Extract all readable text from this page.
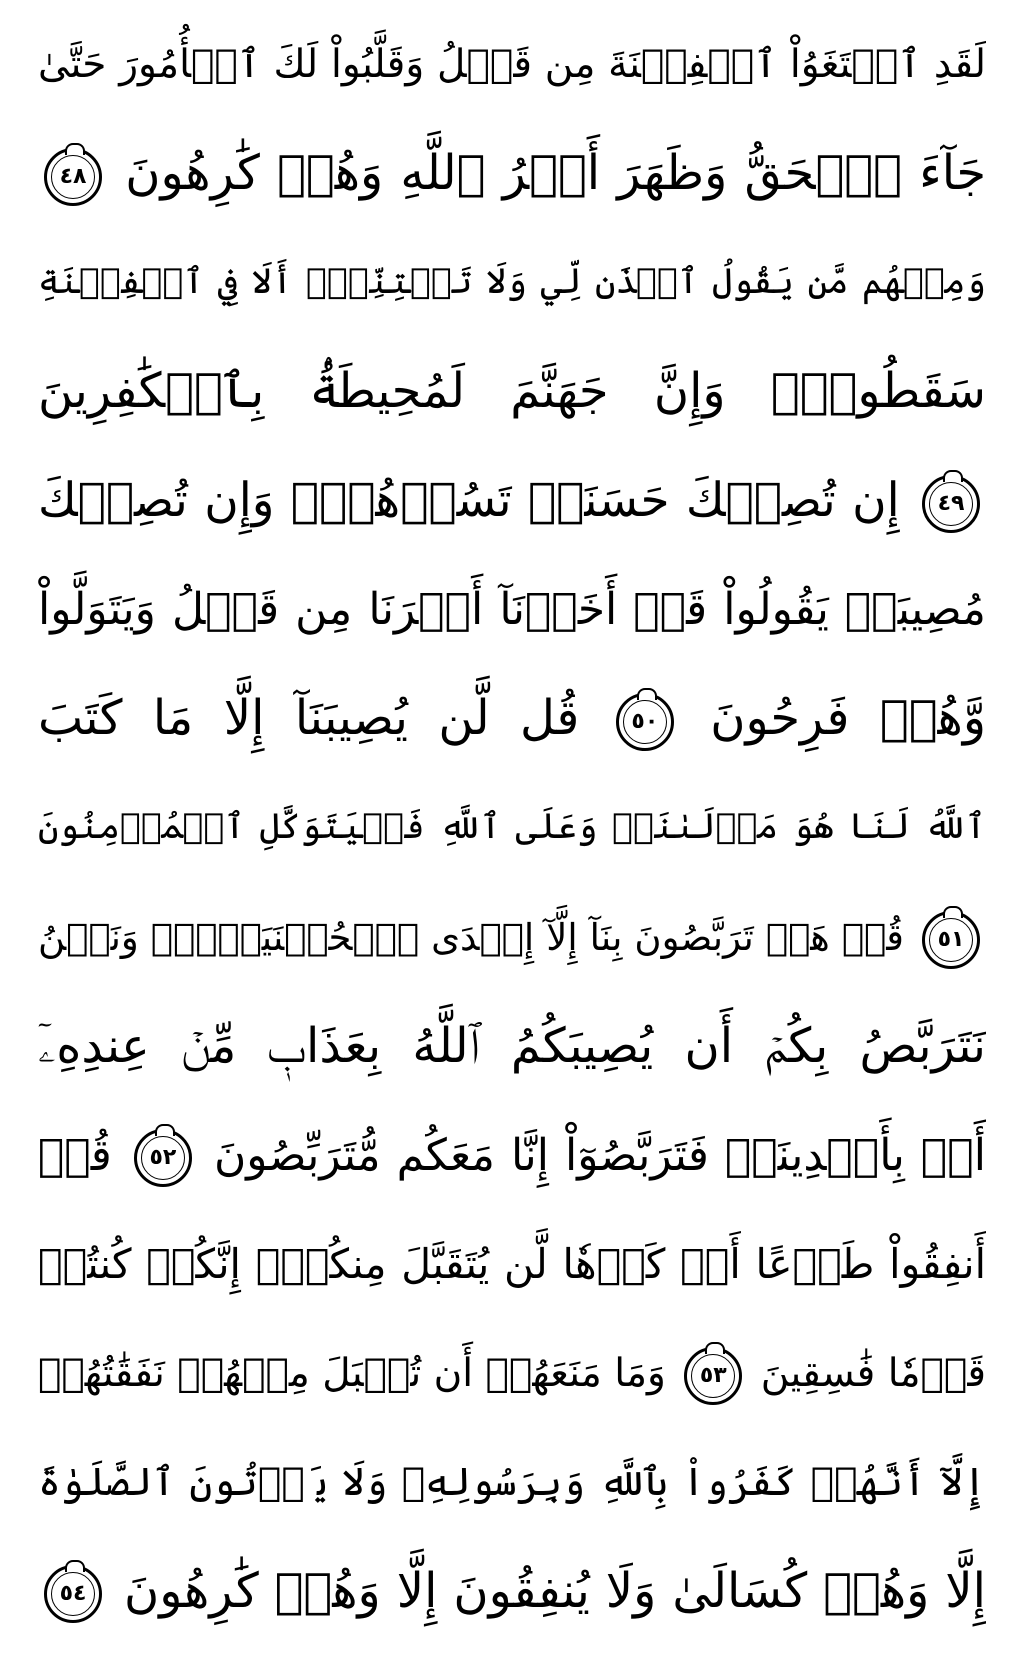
لَقَدِ ٱبۡتَغَوُاْ ٱلۡفِتۡنَةَ مِن قَبۡلُ وَقَلَّبُواْ لَكَ ٱلۡأُمُورَ حَتَّىٰ
جَآءَ ٱلۡحَقُّ وَظَهَرَ أَمۡرُ ٱللَّهِ وَهُمۡ كَٰرِهُونَ ٤٨
وَمِنۡهُم مَّن يَقُولُ ٱئۡذَن لِّي وَلَا تَفۡتِنِّيٓۚ أَلَا فِي ٱلۡفِتۡنَةِ
سَقَطُواْۗ وَإِنَّ جَهَنَّمَ لَمُحِيطَةُۢ بِٱلۡكَٰفِرِينَ
٤٩ إِن تُصِبۡكَ حَسَنَةٞ تَسُؤۡهُمۡۖ وَإِن تُصِبۡكَ
مُصِيبَةٞ يَقُولُواْ قَدۡ أَخَذۡنَآ أَمۡرَنَا مِن قَبۡلُ وَيَتَوَلَّواْ
وَّهُمۡ فَرِحُونَ ٥٠ قُل لَّن يُصِيبَنَآ إِلَّا مَا كَتَبَ
ٱللَّهُ لَنَا هُوَ مَوۡلَىٰنَاۚ وَعَلَى ٱللَّهِ فَلۡيَتَوَكَّلِ ٱلۡمُؤۡمِنُونَ
٥١ قُلۡ هَلۡ تَرَبَّصُونَ بِنَآ إِلَّآ إِحۡدَى ٱلۡحُسۡنَيَيۡنِۖ وَنَحۡنُ
نَتَرَبَّصُ بِكُمۡ أَن يُصِيبَكُمُ ٱللَّهُ بِعَذَابٖ مِّنۡ عِندِهِۦٓ
أَوۡ بِأَيۡدِينَاۖ فَتَرَبَّصُوٓاْ إِنَّا مَعَكُم مُّتَرَبِّصُونَ ٥٢ قُلۡ
أَنفِقُواْ طَوۡعًا أَوۡ كَرۡهٗا لَّن يُتَقَبَّلَ مِنكُمۡۖ إِنَّكُمۡ كُنتُمۡ
قَوۡمٗا فَٰسِقِينَ ٥٣ وَمَا مَنَعَهُمۡ أَن تُقۡبَلَ مِنۡهُمۡ نَفَقَٰتُهُمۡ
إِلَّآ أَنَّهُمۡ كَفَرُواْ بِٱللَّهِ وَبِرَسُولِهِۦ وَلَا يَأۡتُونَ ٱلصَّلَوٰةَ
إِلَّا وَهُمۡ كُسَالَىٰ وَلَا يُنفِقُونَ إِلَّا وَهُمۡ كَٰرِهُونَ ٥٤
